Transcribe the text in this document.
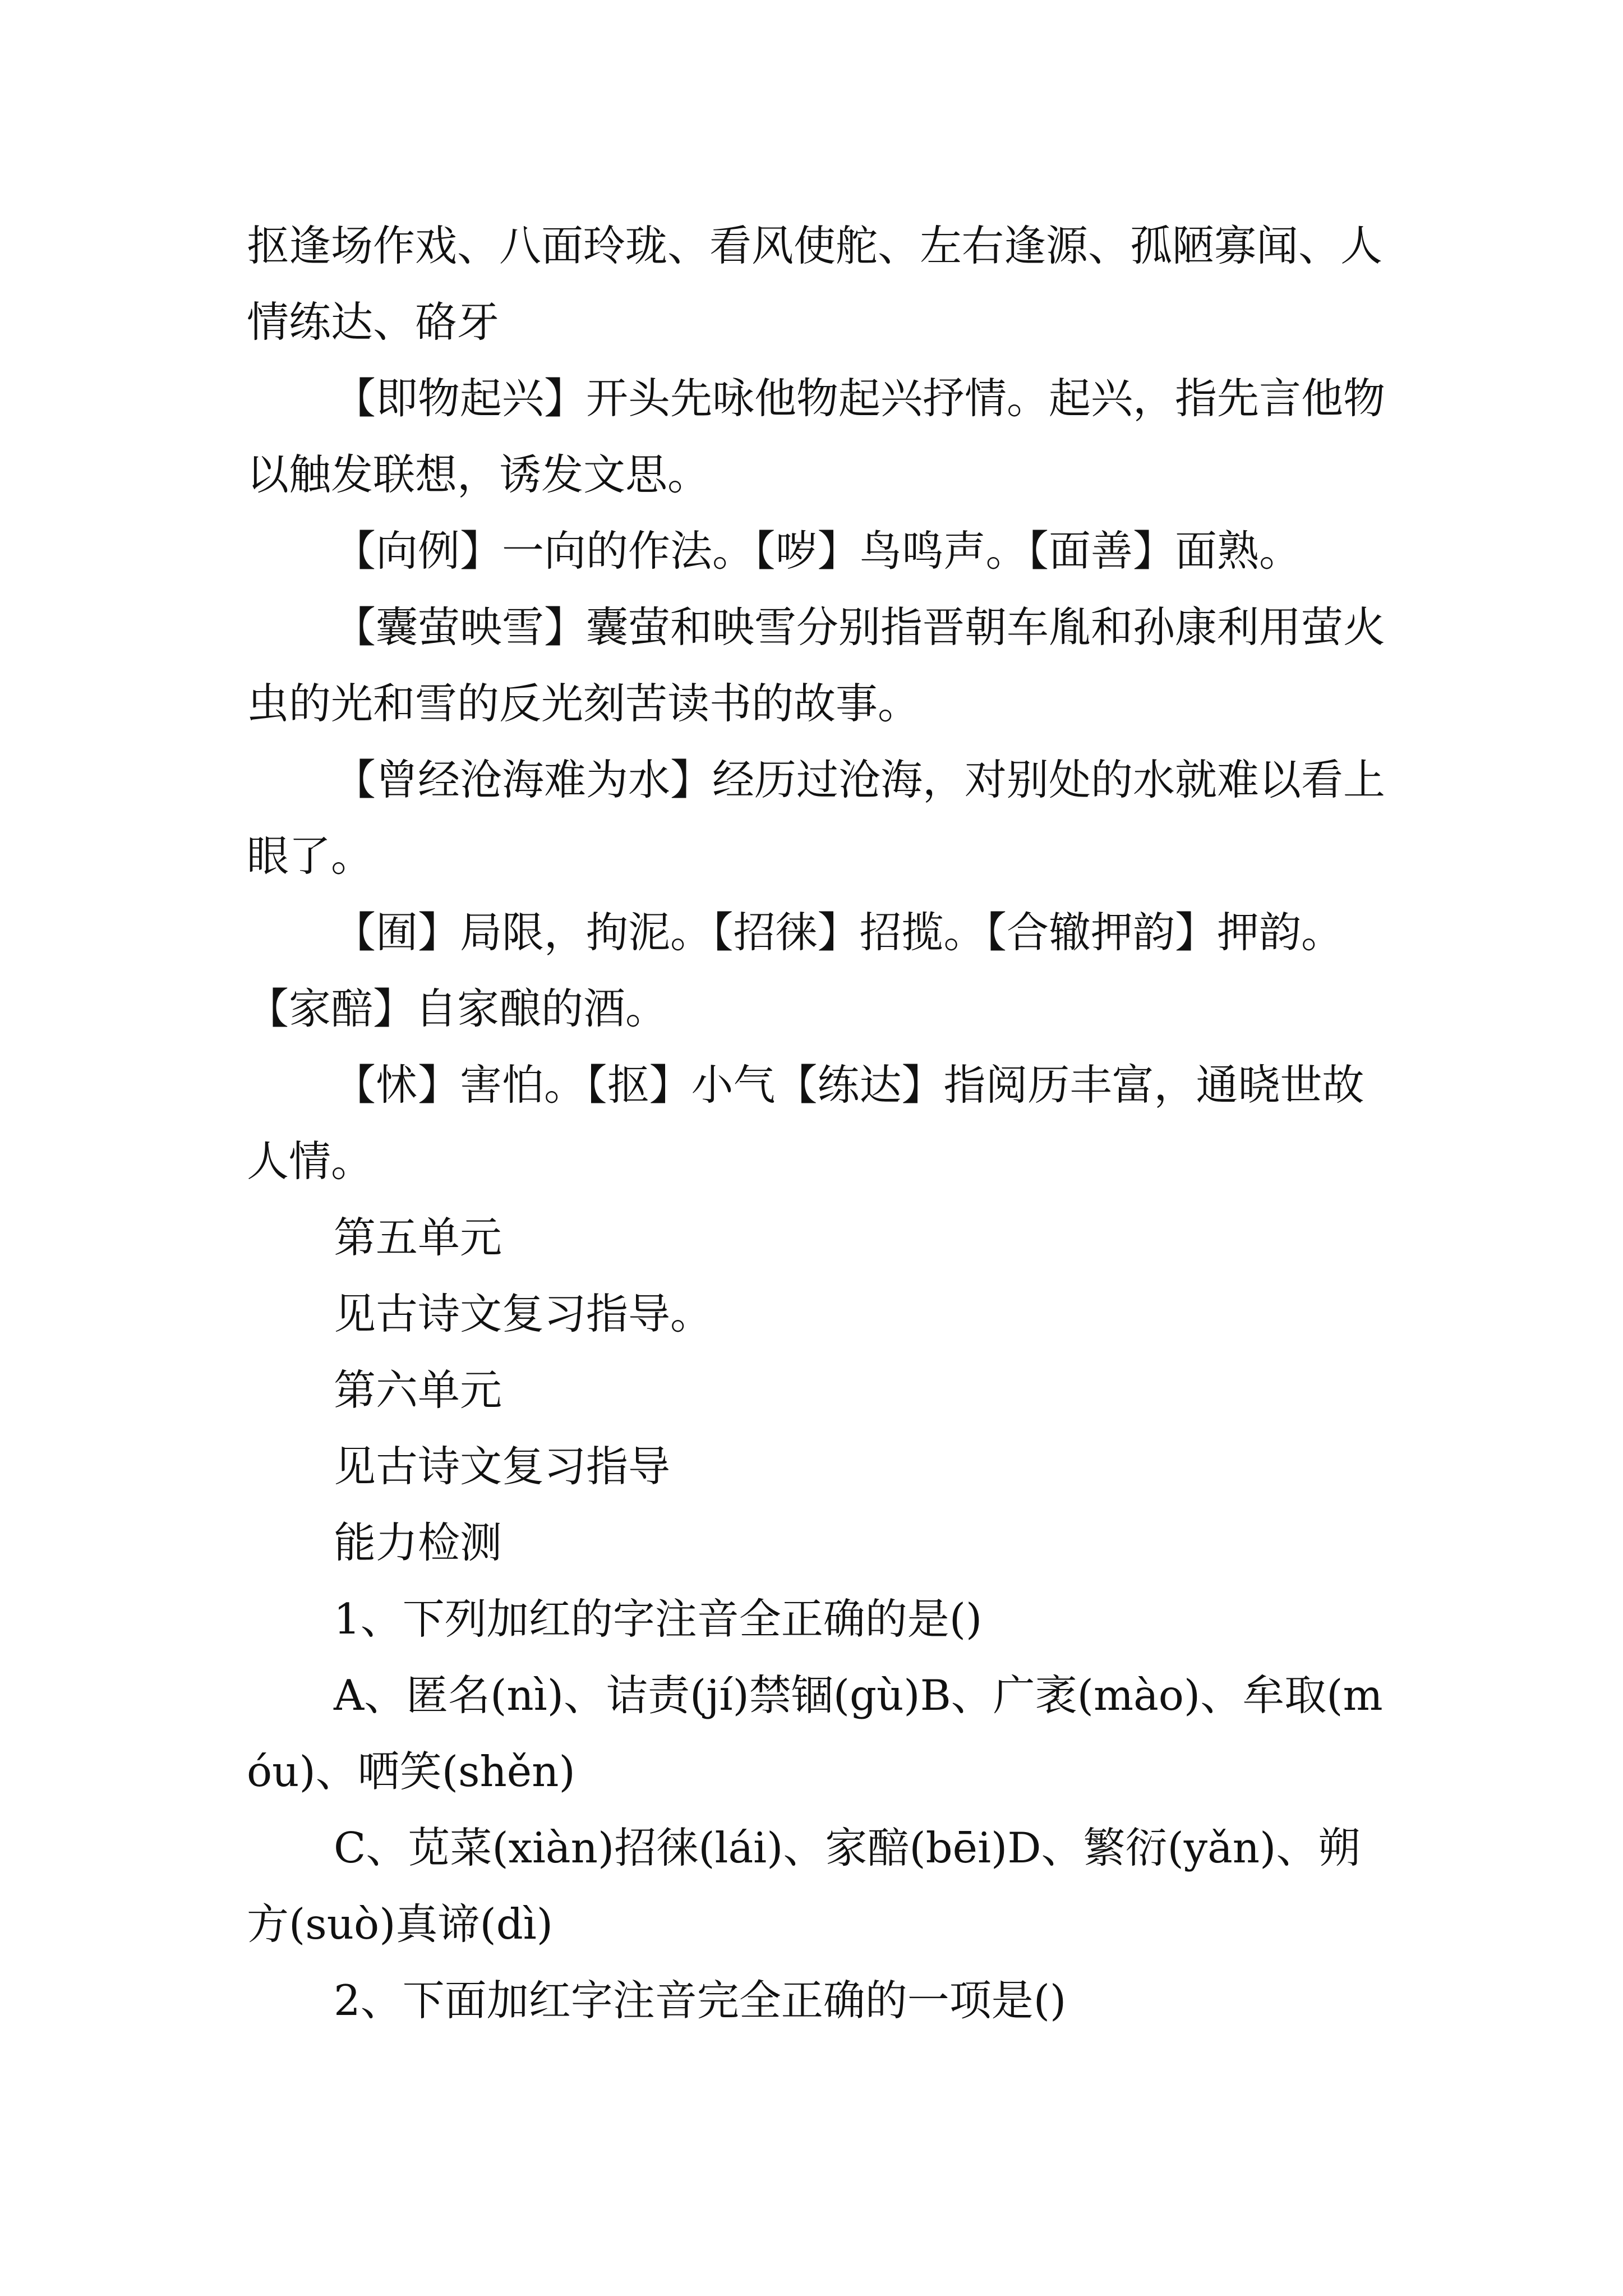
抠逢场作戏、八面玲珑、看风使舵、左右逢源、孤陋寡闻、人情练达、硌牙

【即物起兴】开头先咏他物起兴抒情。起兴，指先言他物以触发联想，诱发文思。

【向例】一向的作法。【哕】鸟鸣声。【面善】面熟。

【囊萤映雪】囊萤和映雪分别指晋朝车胤和孙康利用萤火虫的光和雪的反光刻苦读书的故事。

【曾经沧海难为水】经历过沧海，对别处的水就难以看上眼了。

【囿】局限，拘泥。【招徕】招揽。【合辙押韵】押韵。【家醅】自家酿的酒。

【怵】害怕。【抠】小气【练达】指阅历丰富，通晓世故人情。

第五单元

见古诗文复习指导。

第六单元

见古诗文复习指导

能力检测

1、下列加红的字注音全正确的是()

A、匿名(nì)、诘责(jí)禁锢(gù)B、广袤(mào)、牟取(móu)、哂笑(shěn)

C、苋菜(xiàn)招徕(lái)、家醅(bēi)D、繁衍(yǎn)、朔方(suò)真谛(dì)

2、下面加红字注音完全正确的一项是()
